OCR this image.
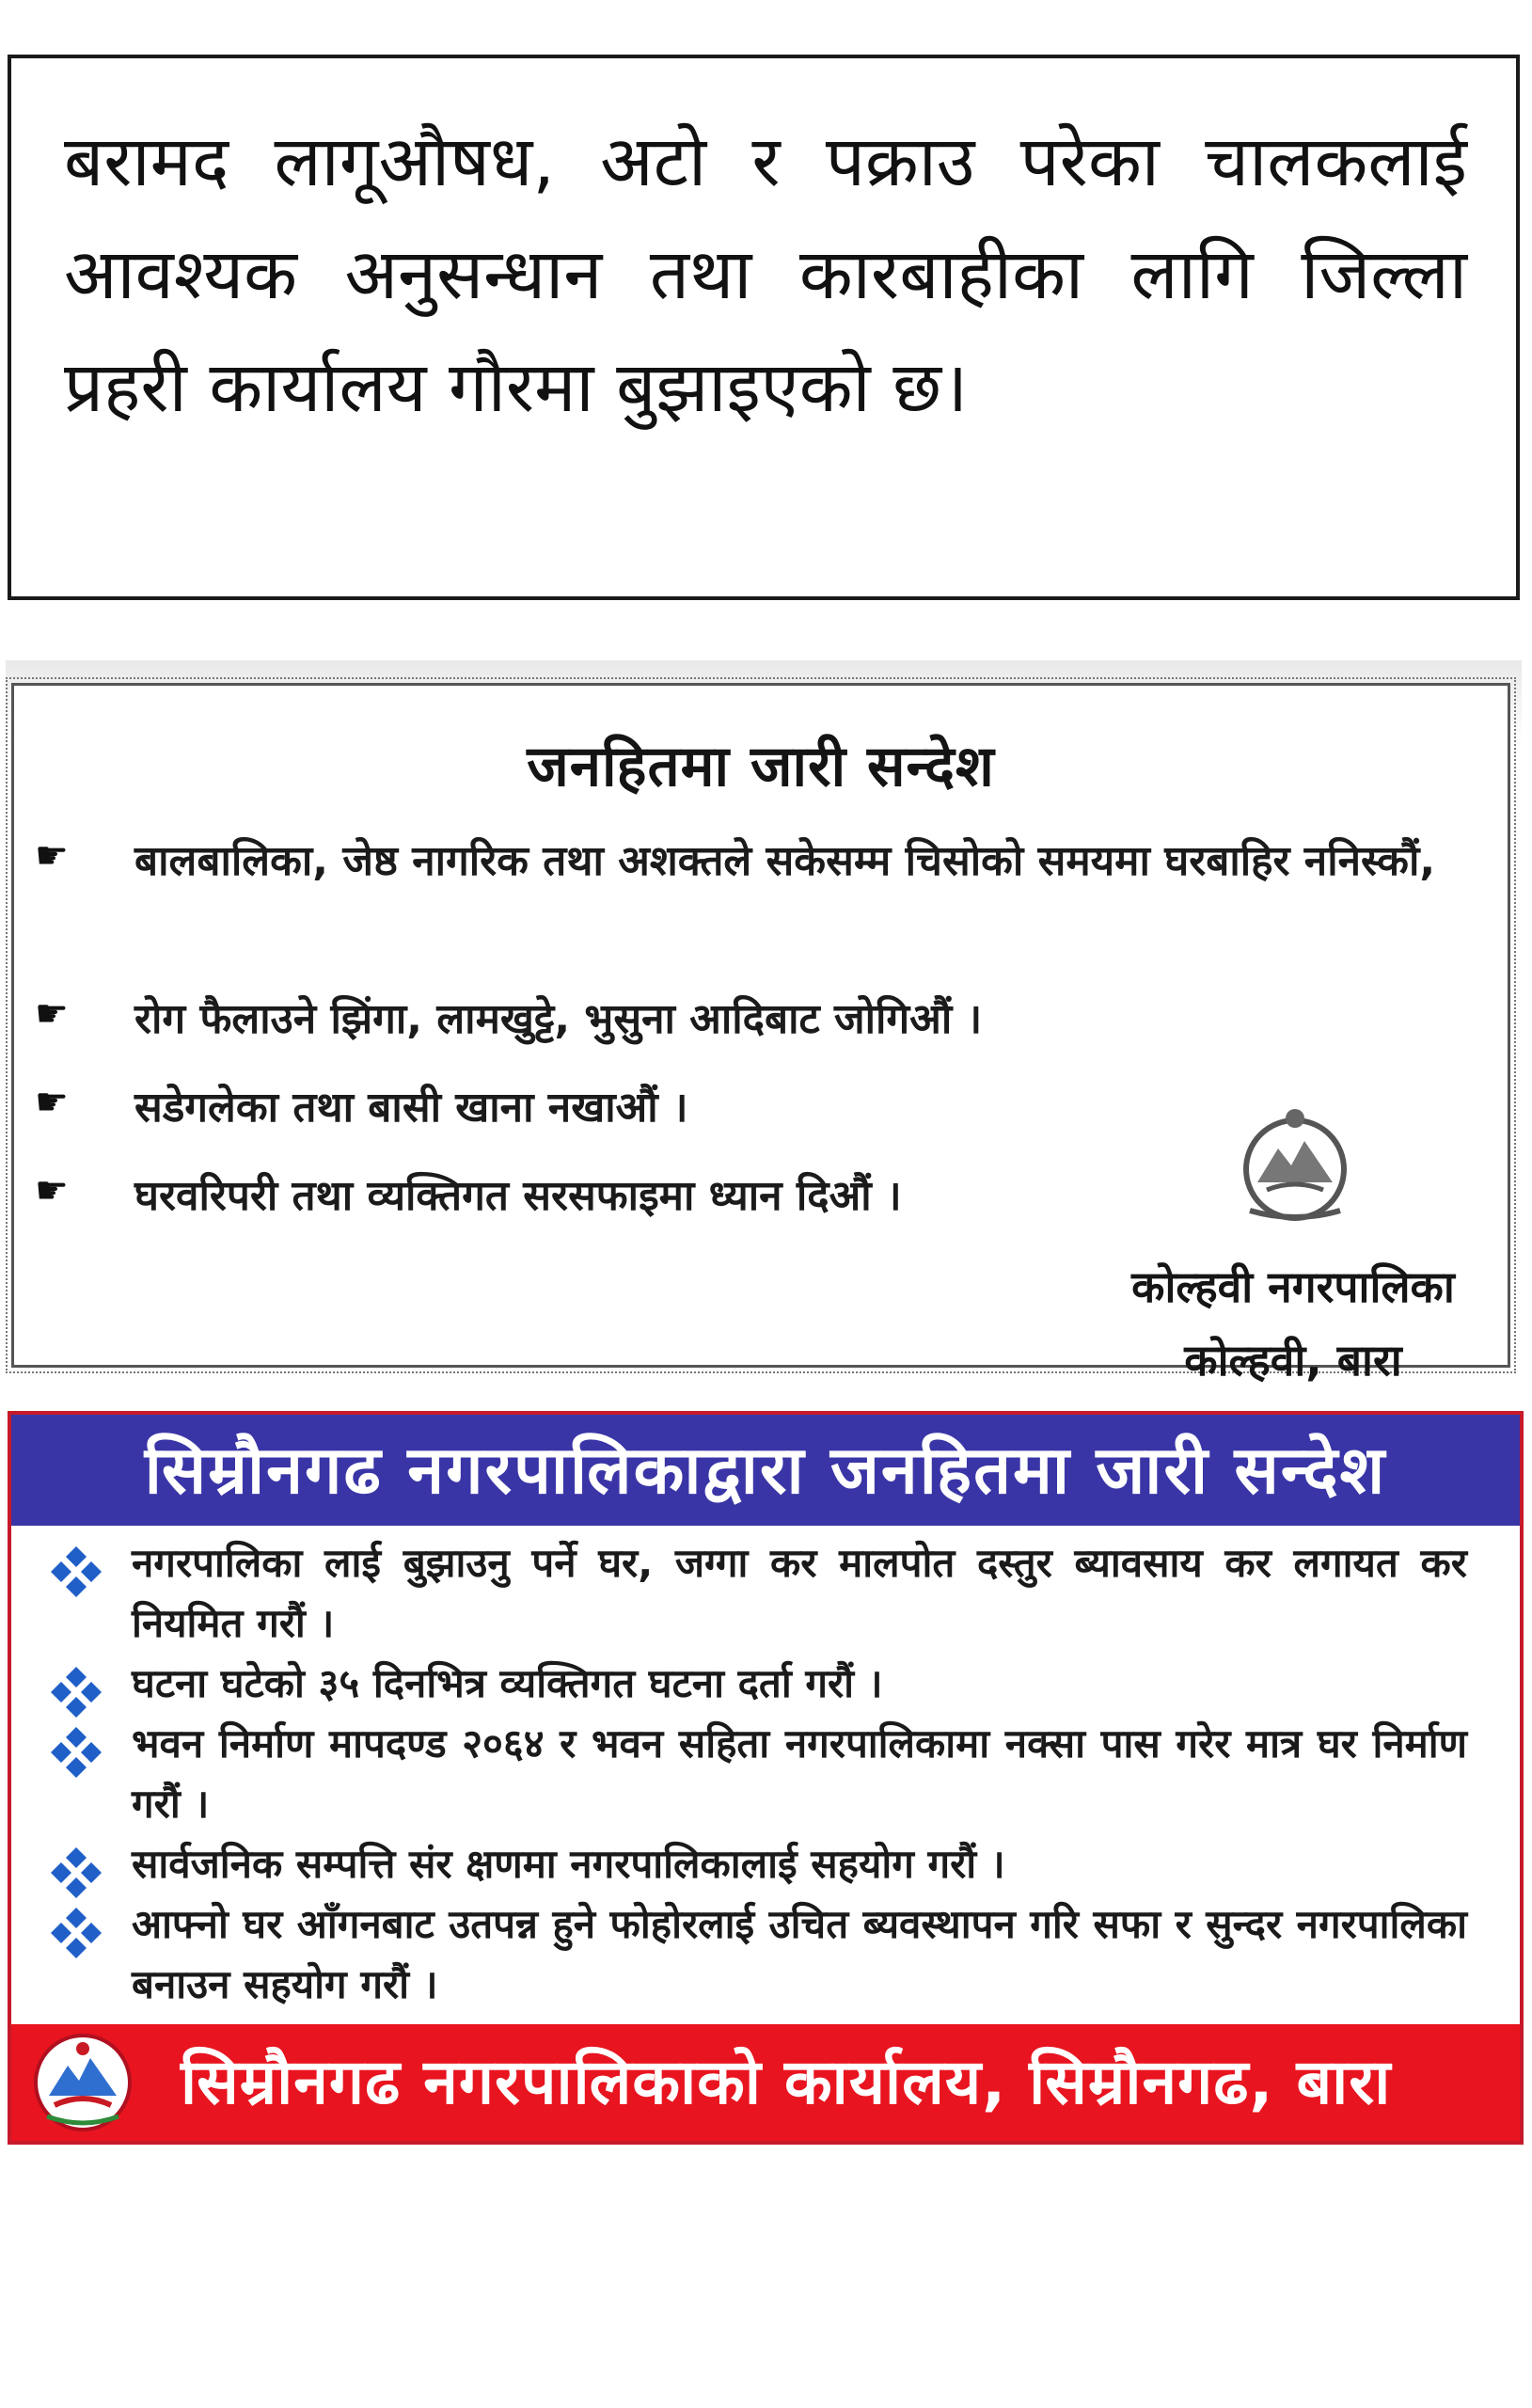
बरामद लागूऔषध, अटो र पक्राउ परेका चालकलाई आवश्यक अनुसन्धान तथा कारबाहीका लागि जिल्ला प्रहरी कार्यालय गौरमा बुझाइएको छ।

जनहितमा जारी सन्देश
☛ बालबालिका, जेष्ठ नागरिक तथा अशक्तले सकेसम्म चिसोको समयमा घरबाहिर ननिस्कौं,
☛ रोग फैलाउने झिंगा, लामखुट्टे, भुसुना आदिबाट जोगिऔं ।
☛ सडेगलेका तथा बासी खाना नखाऔं ।
☛ घरवरिपरी तथा व्यक्तिगत सरसफाइमा ध्यान दिऔं ।
कोल्हवी नगरपालिका
कोल्हवी, बारा
सिम्रौनगढ नगरपालिकाद्वारा जनहितमा जारी सन्देश
नगरपालिका लाई बुझाउनु पर्ने घर, जग्गा कर मालपोत दस्तुर ब्यावसाय कर लगायत कर नियमित गरौं ।
घटना घटेको ३५ दिनभित्र व्यक्तिगत घटना दर्ता गरौं ।
भवन निर्माण मापदण्ड २०६४ र भवन सहिता नगरपालिकामा नक्सा पास गरेर मात्र घर निर्माण गरौं ।
सार्वजनिक सम्पत्ति संर क्षणमा नगरपालिकालाई सहयोग गरौं ।
आफ्नो घर आँगनबाट उतपन्न हुने फोहोरलाई उचित ब्यवस्थापन गरि सफा र सुन्दर नगरपालिका बनाउन सहयोग गरौं ।
सिम्रौनगढ नगरपालिकाको कार्यालय, सिम्रौनगढ, बारा
